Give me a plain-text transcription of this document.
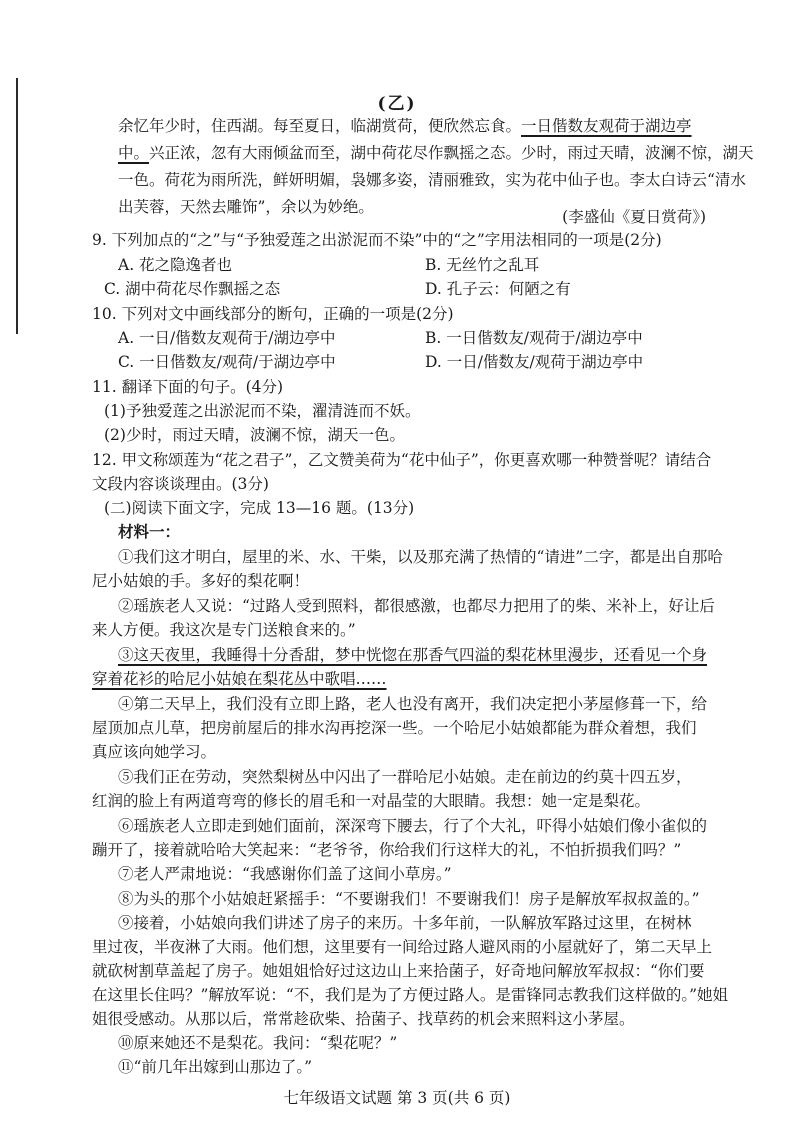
(乙)
余忆年少时，住西湖。每至夏日，临湖赏荷，便欣然忘食。一日偕数友观荷于湖边亭
中。兴正浓，忽有大雨倾盆而至，湖中荷花尽作飘摇之态。少时，雨过天晴，波澜不惊，湖天
一色。荷花为雨所洗，鲜妍明媚，袅娜多姿，清丽雅致，实为花中仙子也。李太白诗云“清水
出芙蓉，天然去雕饰”，余以为妙绝。
(李盛仙《夏日赏荷》)
9. 下列加点的“之”与“予独爱莲之出淤泥而不染”中的“之”字用法相同的一项是(2分)
A. 花之隐逸者也	B. 无丝竹之乱耳
C. 湖中荷花尽作飘摇之态	D. 孔子云：何陋之有
10. 下列对文中画线部分的断句，正确的一项是(2分)
A. 一日/偕数友观荷于/湖边亭中	B. 一日偕数友/观荷于/湖边亭中
C. 一日偕数友/观荷/于湖边亭中	D. 一日/偕数友/观荷于湖边亭中
11. 翻译下面的句子。(4分)
(1)予独爱莲之出淤泥而不染，濯清涟而不妖。
(2)少时，雨过天晴，波澜不惊，湖天一色。
12. 甲文称颂莲为“花之君子”，乙文赞美荷为“花中仙子”，你更喜欢哪一种赞誉呢？请结合
文段内容谈谈理由。(3分)
(二)阅读下面文字，完成 13—16 题。(13分)
材料一：
①我们这才明白，屋里的米、水、干柴，以及那充满了热情的“请进”二字，都是出自那哈
尼小姑娘的手。多好的梨花啊！
②瑶族老人又说：“过路人受到照料，都很感激，也都尽力把用了的柴、米补上，好让后
来人方便。我这次是专门送粮食来的。”
③这天夜里，我睡得十分香甜，梦中恍惚在那香气四溢的梨花林里漫步，还看见一个身
穿着花衫的哈尼小姑娘在梨花丛中歌唱……
④第二天早上，我们没有立即上路，老人也没有离开，我们决定把小茅屋修葺一下，给
屋顶加点儿草，把房前屋后的排水沟再挖深一些。一个哈尼小姑娘都能为群众着想，我们
真应该向她学习。
⑤我们正在劳动，突然梨树丛中闪出了一群哈尼小姑娘。走在前边的约莫十四五岁，
红润的脸上有两道弯弯的修长的眉毛和一对晶莹的大眼睛。我想：她一定是梨花。
⑥瑶族老人立即走到她们面前，深深弯下腰去，行了个大礼，吓得小姑娘们像小雀似的
蹦开了，接着就哈哈大笑起来：“老爷爷，你给我们行这样大的礼，不怕折损我们吗？”
⑦老人严肃地说：“我感谢你们盖了这间小草房。”
⑧为头的那个小姑娘赶紧摇手：“不要谢我们！不要谢我们！房子是解放军叔叔盖的。”
⑨接着，小姑娘向我们讲述了房子的来历。十多年前，一队解放军路过这里，在树林
里过夜，半夜淋了大雨。他们想，这里要有一间给过路人避风雨的小屋就好了，第二天早上
就砍树割草盖起了房子。她姐姐恰好过这边山上来拾菌子，好奇地问解放军叔叔：“你们要
在这里长住吗？”解放军说：“不，我们是为了方便过路人。是雷锋同志教我们这样做的。”她姐
姐很受感动。从那以后，常常趁砍柴、拾菌子、找草药的机会来照料这小茅屋。
⑩原来她还不是梨花。我问：“梨花呢？”
⑪“前几年出嫁到山那边了。”
七年级语文试题 第 3 页(共 6 页)
